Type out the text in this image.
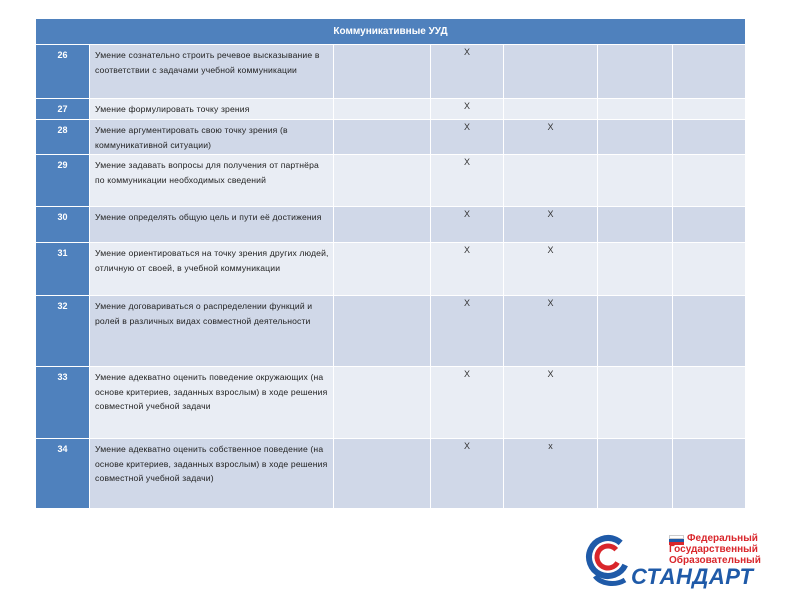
Коммуникативные УУД						
26	Умение сознательно строить речевое высказывание в соответствии с задачами учебной коммуникации		Х			
27	Умение формулировать точку зрения		Х			
28	Умение аргументировать свою точку зрения (в коммуникативной ситуации)		Х	Х		
29	Умение задавать вопросы для получения от партнёра по коммуникации необходимых сведений		Х			
30	Умение определять общую цель и пути её достижения		Х	Х		
31	Умение ориентироваться на точку зрения других людей, отличную от своей, в учебной коммуникации		Х	Х		
32	Умение договариваться о распределении функций и ролей в различных видах совместной деятельности		Х	Х		
33	Умение адекватно оценить поведение окружающих (на основе критериев, заданных взрослым) в ходе решения совместной учебной задачи		Х	Х		
34	Умение адекватно оценить собственное поведение (на основе критериев, заданных взрослым) в ходе решения совместной учебной задачи)		Х	х		
Федеральный
Государственный
Образовательный
СТАНДАРТ
